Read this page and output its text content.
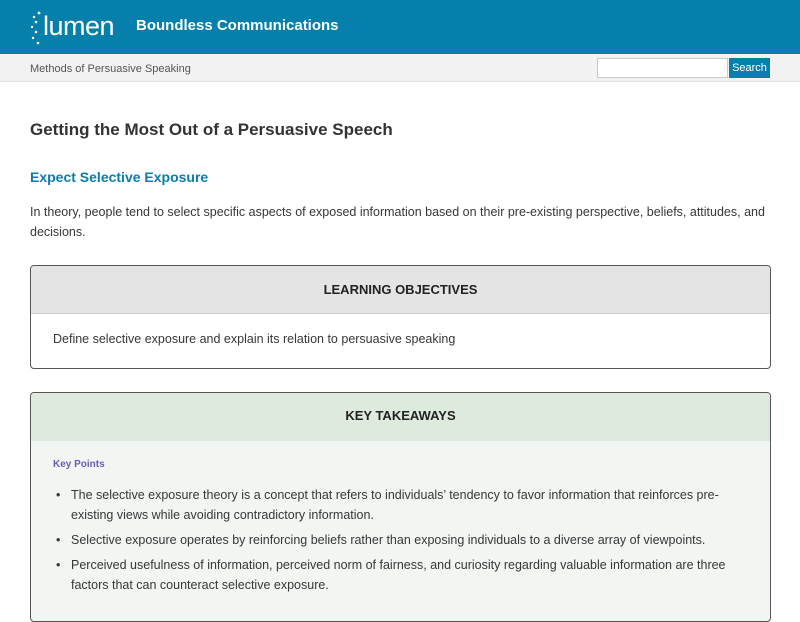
lumen Boundless Communications
Methods of Persuasive Speaking	Search
Getting the Most Out of a Persuasive Speech
Expect Selective Exposure

In theory, people tend to select specific aspects of exposed information based on their pre-existing perspective, beliefs, attitudes, and decisions.

LEARNING OBJECTIVES
Define selective exposure and explain its relation to persuasive speaking
KEY TAKEAWAYS
Key Points
• The selective exposure theory is a concept that refers to individuals’ tendency to favor information that reinforces pre-existing views while avoiding contradictory information.
• Selective exposure operates by reinforcing beliefs rather than exposing individuals to a diverse array of viewpoints.
• Perceived usefulness of information, perceived norm of fairness, and curiosity regarding valuable information are three factors that can counteract selective exposure.
